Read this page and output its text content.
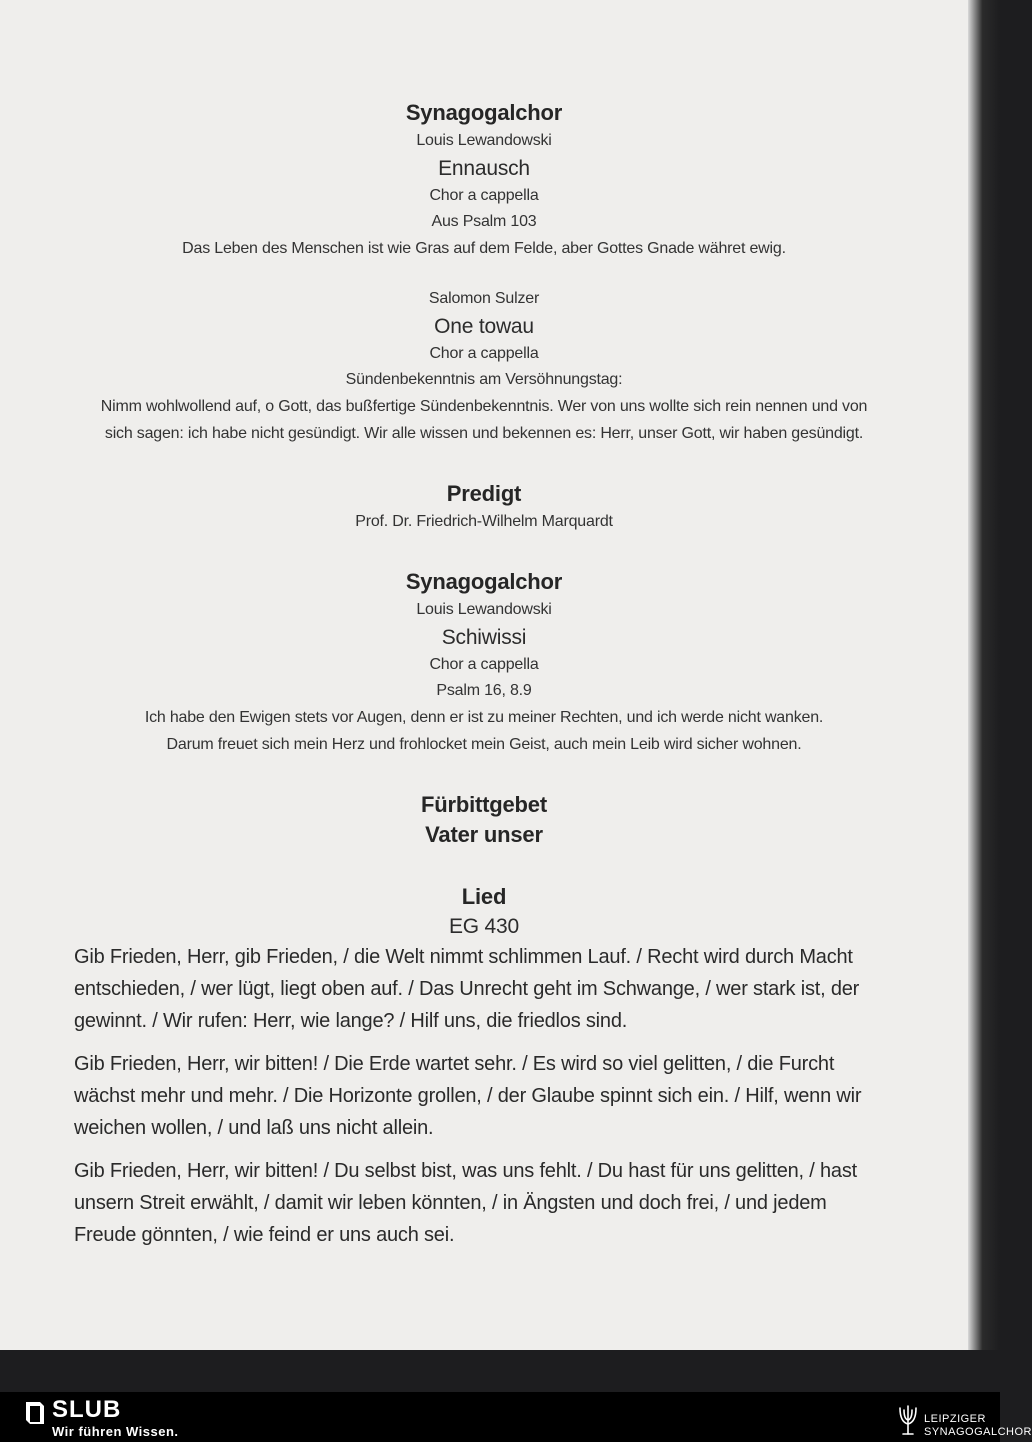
Synagogalchor
Louis Lewandowski
Ennausch
Chor a cappella
Aus Psalm 103
Das Leben des Menschen ist wie Gras auf dem Felde, aber Gottes Gnade währet ewig.
Salomon Sulzer
One towau
Chor a cappella
Sündenbekenntnis am Versöhnungstag:
Nimm wohlwollend auf, o Gott, das bußfertige Sündenbekenntnis. Wer von uns wollte sich rein nennen und von
sich sagen: ich habe nicht gesündigt. Wir alle wissen und bekennen es: Herr, unser Gott, wir haben gesündigt.
Predigt
Prof. Dr. Friedrich-Wilhelm Marquardt
Synagogalchor
Louis Lewandowski
Schiwissi
Chor a cappella
Psalm 16, 8.9
Ich habe den Ewigen stets vor Augen, denn er ist zu meiner Rechten, und ich werde nicht wanken.
Darum freuet sich mein Herz und frohlocket mein Geist, auch mein Leib wird sicher wohnen.
Fürbittgebet
Vater unser
Lied
EG 430

Gib Frieden, Herr, gib Frieden, / die Welt nimmt schlimmen Lauf. / Recht wird durch Macht entschieden, / wer lügt, liegt oben auf. / Das Unrecht geht im Schwange, / wer stark ist, der gewinnt. / Wir rufen: Herr, wie lange? / Hilf uns, die friedlos sind.

Gib Frieden, Herr, wir bitten! / Die Erde wartet sehr. / Es wird so viel gelitten, / die Furcht wächst mehr und mehr. / Die Horizonte grollen, / der Glaube spinnt sich ein. / Hilf, wenn wir weichen wollen, / und laß uns nicht allein.

Gib Frieden, Herr, wir bitten! / Du selbst bist, was uns fehlt. / Du hast für uns gelitten, / hast unsern Streit erwählt, / damit wir leben könnten, / in Ängsten und doch frei, / und jedem Freude gönnten, / wie feind er uns auch sei.

SLUB
Wir führen Wissen.
LEIPZIGER
SYNAGOGALCHOR
